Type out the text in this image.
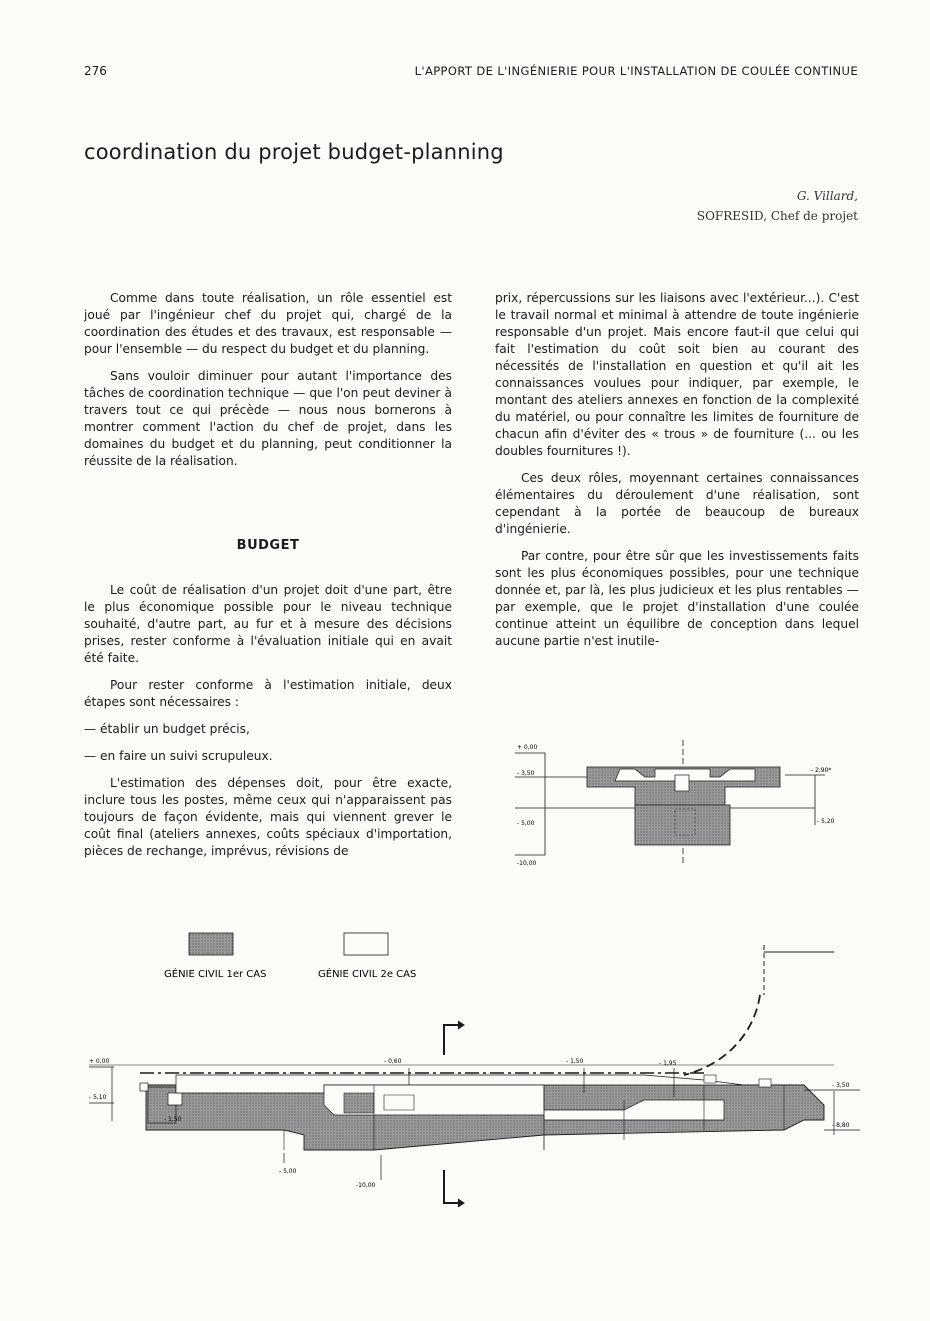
276	L'APPORT DE L'INGÉNIERIE POUR L'INSTALLATION DE COULÉE CONTINUE
coordination du projet budget-planning
G. Villard,
SOFRESID, Chef de projet

Comme dans toute réalisation, un rôle essentiel est joué par l'ingénieur chef du projet qui, chargé de la coordination des études et des travaux, est responsable — pour l'ensemble — du respect du budget et du planning.

Sans vouloir diminuer pour autant l'importance des tâches de coordination technique — que l'on peut deviner à travers tout ce qui précède — nous nous bornerons à montrer comment l'action du chef de projet, dans les domaines du budget et du planning, peut conditionner la réussite de la réalisation.

BUDGET

Le coût de réalisation d'un projet doit d'une part, être le plus économique possible pour le niveau technique souhaité, d'autre part, au fur et à mesure des décisions prises, rester conforme à l'évaluation initiale qui en avait été faite.

Pour rester conforme à l'estimation initiale, deux étapes sont nécessaires :

— établir un budget précis,

— en faire un suivi scrupuleux.

L'estimation des dépenses doit, pour être exacte, inclure tous les postes, même ceux qui n'apparaissent pas toujours de façon évidente, mais qui viennent grever le coût final (ateliers annexes, coûts spéciaux d'importation, pièces de rechange, imprévus, révisions de

prix, répercussions sur les liaisons avec l'extérieur...). C'est le travail normal et minimal à attendre de toute ingénierie responsable d'un projet. Mais encore faut-il que celui qui fait l'estimation du coût soit bien au courant des nécessités de l'installation en question et qu'il ait les connaissances voulues pour indiquer, par exemple, le montant des ateliers annexes en fonction de la complexité du matériel, ou pour connaître les limites de fourniture de chacun afin d'éviter des « trous » de fourniture (... ou les doubles fournitures !).

Ces deux rôles, moyennant certaines connaissances élémentaires du déroulement d'une réalisation, sont cependant à la portée de beaucoup de bureaux d'ingénierie.

Par contre, pour être sûr que les investissements faits sont les plus économiques possibles, pour une technique donnée et, par là, les plus judicieux et les plus rentables — par exemple, que le projet d'installation d'une coulée continue atteint un équilibre de conception dans lequel aucune partie n'est inutile-

+ 0,00
- 3,50
- 5,00
-10,00
- 2,90*
- 5,20
GÉNIE CIVIL 1er CAS	GÉNIE CIVIL 2e CAS
+ 0,00
- 5,10
- 1,50
- 0,60	- 1,50	- 1,95
- 5,00
-10,00
- 3,50
- 8,80
